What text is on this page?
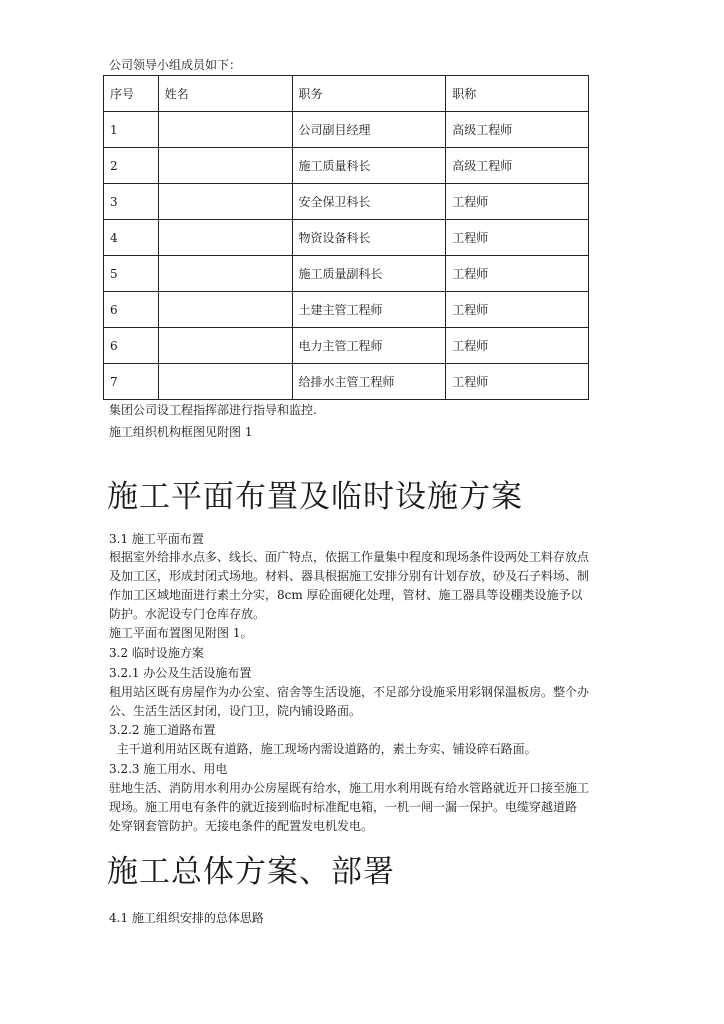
公司领导小组成员如下：
序号	姓名	职务	职称
1		公司副目经理	高级工程师
2		施工质量科长	高级工程师
3		安全保卫科长	工程师
4		物资设备科长	工程师
5		施工质量副科长	工程师
6		土建主管工程师	工程师
6		电力主管工程师	工程师
7		给排水主管工程师	工程师
集团公司设工程指挥部进行指导和监控.
施工组织机构框图见附图 1
施工平面布置及临时设施方案
3.1 施工平面布置
根据室外给排水点多、线长、面广特点，依据工作量集中程度和现场条件设两处工料存放点
及加工区，形成封闭式场地。材料、器具根据施工安排分别有计划存放，砂及石子料场、制
作加工区域地面进行素土分实，8cm 厚砼面硬化处理，管材、施工器具等设棚类设施予以
防护。水泥设专门仓库存放。
施工平面布置图见附图 1。
3.2 临时设施方案
3.2.1 办公及生活设施布置
租用站区既有房屋作为办公室、宿舍等生活设施，不足部分设施采用彩钢保温板房。整个办
公、生活生活区封闭，设门卫，院内铺设路面。
3.2.2 施工道路布置
主干道利用站区既有道路，施工现场内需设道路的，素土夯实、铺设碎石路面。
3.2.3 施工用水、用电
驻地生活、消防用水利用办公房屋既有给水，施工用水利用既有给水管路就近开口接至施工
现场。施工用电有条件的就近接到临时标准配电箱，一机一闸一漏一保护。电缆穿越道路
处穿钢套管防护。无接电条件的配置发电机发电。
施工总体方案、部署
4.1 施工组织安排的总体思路
